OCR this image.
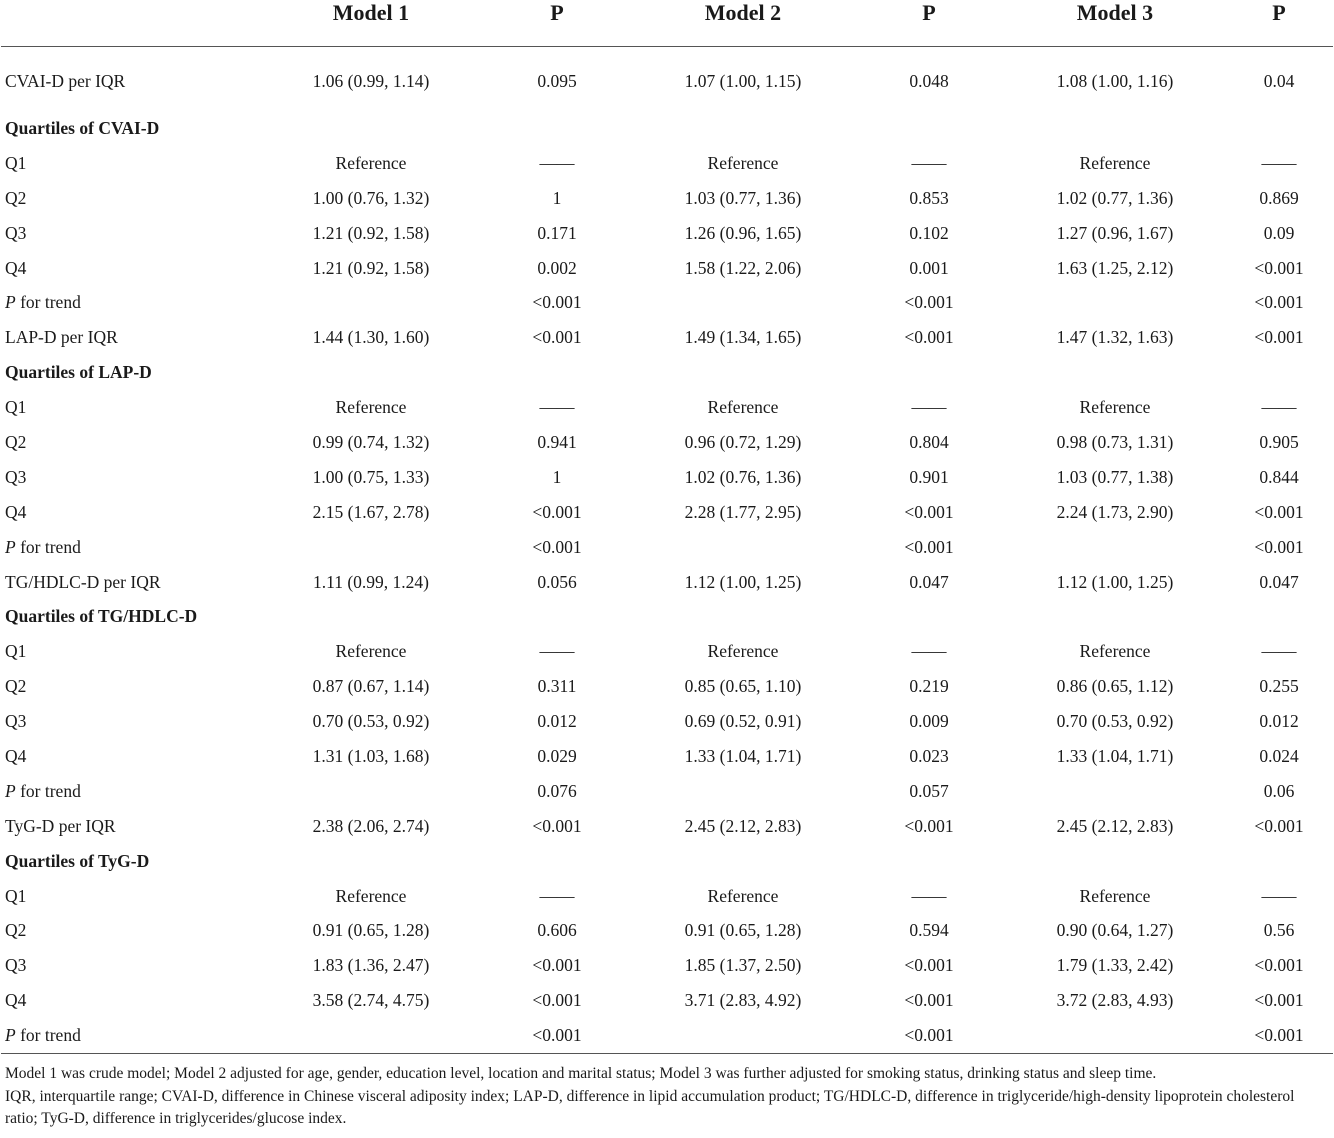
	Model 1	P	Model 2	P	Model 3	P
CVAI-D per IQR	1.06 (0.99, 1.14)	0.095	1.07 (1.00, 1.15)	0.048	1.08 (1.00, 1.16)	0.04
Quartiles of CVAI-D						
Q1	Reference	——	Reference	——	Reference	——
Q2	1.00 (0.76, 1.32)	1	1.03 (0.77, 1.36)	0.853	1.02 (0.77, 1.36)	0.869
Q3	1.21 (0.92, 1.58)	0.171	1.26 (0.96, 1.65)	0.102	1.27 (0.96, 1.67)	0.09
Q4	1.21 (0.92, 1.58)	0.002	1.58 (1.22, 2.06)	0.001	1.63 (1.25, 2.12)	<0.001
P for trend		<0.001		<0.001		<0.001
LAP-D per IQR	1.44 (1.30, 1.60)	<0.001	1.49 (1.34, 1.65)	<0.001	1.47 (1.32, 1.63)	<0.001
Quartiles of LAP-D						
Q1	Reference	——	Reference	——	Reference	——
Q2	0.99 (0.74, 1.32)	0.941	0.96 (0.72, 1.29)	0.804	0.98 (0.73, 1.31)	0.905
Q3	1.00 (0.75, 1.33)	1	1.02 (0.76, 1.36)	0.901	1.03 (0.77, 1.38)	0.844
Q4	2.15 (1.67, 2.78)	<0.001	2.28 (1.77, 2.95)	<0.001	2.24 (1.73, 2.90)	<0.001
P for trend		<0.001		<0.001		<0.001
TG/HDLC-D per IQR	1.11 (0.99, 1.24)	0.056	1.12 (1.00, 1.25)	0.047	1.12 (1.00, 1.25)	0.047
Quartiles of TG/HDLC-D						
Q1	Reference	——	Reference	——	Reference	——
Q2	0.87 (0.67, 1.14)	0.311	0.85 (0.65, 1.10)	0.219	0.86 (0.65, 1.12)	0.255
Q3	0.70 (0.53, 0.92)	0.012	0.69 (0.52, 0.91)	0.009	0.70 (0.53, 0.92)	0.012
Q4	1.31 (1.03, 1.68)	0.029	1.33 (1.04, 1.71)	0.023	1.33 (1.04, 1.71)	0.024
P for trend		0.076		0.057		0.06
TyG-D per IQR	2.38 (2.06, 2.74)	<0.001	2.45 (2.12, 2.83)	<0.001	2.45 (2.12, 2.83)	<0.001
Quartiles of TyG-D						
Q1	Reference	——	Reference	——	Reference	——
Q2	0.91 (0.65, 1.28)	0.606	0.91 (0.65, 1.28)	0.594	0.90 (0.64, 1.27)	0.56
Q3	1.83 (1.36, 2.47)	<0.001	1.85 (1.37, 2.50)	<0.001	1.79 (1.33, 2.42)	<0.001
Q4	3.58 (2.74, 4.75)	<0.001	3.71 (2.83, 4.92)	<0.001	3.72 (2.83, 4.93)	<0.001
P for trend		<0.001		<0.001		<0.001

Model 1 was crude model; Model 2 adjusted for age, gender, education level, location and marital status; Model 3 was further adjusted for smoking status, drinking status and sleep time.

IQR, interquartile range; CVAI-D, difference in Chinese visceral adiposity index; LAP-D, difference in lipid accumulation product; TG/HDLC-D, difference in triglyceride/high-density lipoprotein cholesterol ratio; TyG-D, difference in triglycerides/glucose index.
